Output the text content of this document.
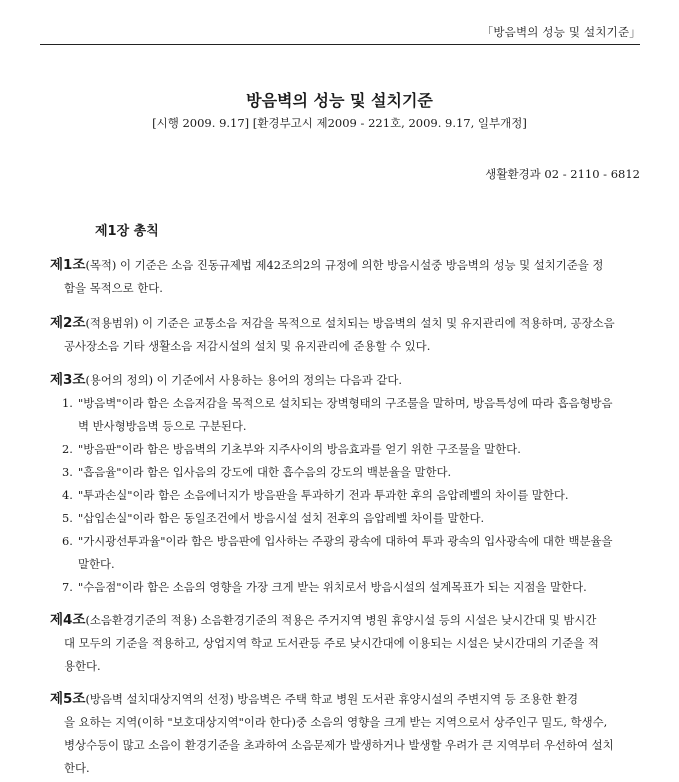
「방음벽의 성능 및 설치기준」
방음벽의 성능 및 설치기준
[시행 2009. 9.17] [환경부고시 제2009 - 221호, 2009. 9.17, 일부개정]
생활환경과 02 - 2110 - 6812
제1장 총칙
제1조(목적) 이 기준은 소음 진동규제법 제42조의2의 규정에 의한 방음시설중 방음벽의 성능 및 설치기준을 정
함을 목적으로 한다.
제2조(적용범위) 이 기준은 교통소음 저감을 목적으로 설치되는 방음벽의 설치 및 유지관리에 적용하며, 공장소음
공사장소음 기타 생활소음 저감시설의 설치 및 유지관리에 준용할 수 있다.
제3조(용어의 정의) 이 기준에서 사용하는 용어의 정의는 다음과 같다.
1. "방음벽"이라 함은 소음저감을 목적으로 설치되는 장벽형태의 구조물을 말하며, 방음특성에 따라 흡음형방음
벽 반사형방음벽 등으로 구분된다.
2. "방음판"이라 함은 방음벽의 기초부와 지주사이의 방음효과를 얻기 위한 구조물을 말한다.
3. "흡음율"이라 함은 입사음의 강도에 대한 흡수음의 강도의 백분율을 말한다.
4. "투과손실"이라 함은 소음에너지가 방음판을 투과하기 전과 투과한 후의 음압레벨의 차이를 말한다.
5. "삽입손실"이라 함은 동일조건에서 방음시설 설치 전후의 음압레벨 차이를 말한다.
6. "가시광선투과율"이라 함은 방음판에 입사하는 주광의 광속에 대하여 투과 광속의 입사광속에 대한 백분율을
말한다.
7. "수음점"이라 함은 소음의 영향을 가장 크게 받는 위치로서 방음시설의 설계목표가 되는 지점을 말한다.
제4조(소음환경기준의 적용) 소음환경기준의 적용은 주거지역 병원 휴양시설 등의 시설은 낮시간대 및 밤시간
대 모두의 기준을 적용하고, 상업지역 학교 도서관등 주로 낮시간대에 이용되는 시설은 낮시간대의 기준을 적
용한다.
제5조(방음벽 설치대상지역의 선정) 방음벽은 주택 학교 병원 도서관 휴양시설의 주변지역 등 조용한 환경
을 요하는 지역(이하 "보호대상지역"이라 한다)중 소음의 영향을 크게 받는 지역으로서 상주인구 밀도, 학생수,
병상수등이 많고 소음이 환경기준을 초과하여 소음문제가 발생하거나 발생할 우려가 큰 지역부터 우선하여 설치
한다.
